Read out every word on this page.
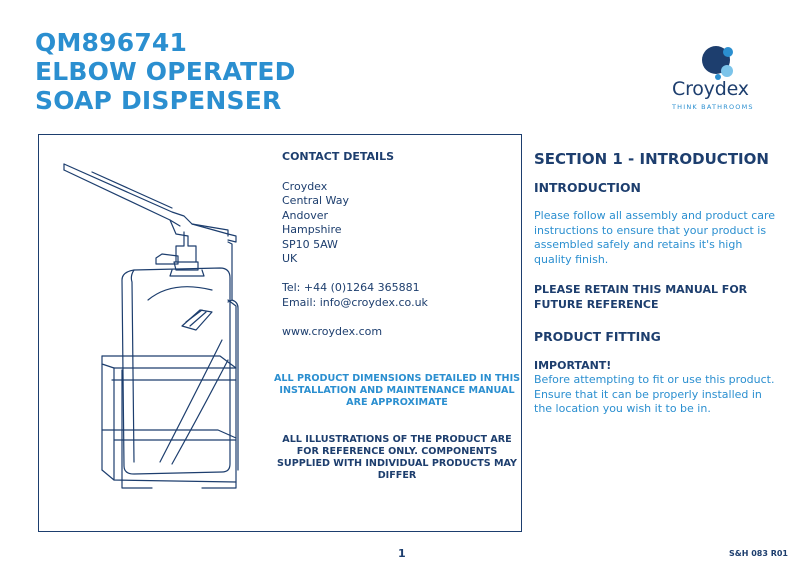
QM896741
ELBOW OPERATED
SOAP DISPENSER	Croydex
THINK BATHROOMS
CONTACT DETAILS
Croydex
Central Way
Andover
Hampshire
SP10 5AW
UK
Tel: +44 (0)1264 365881
Email: info@croydex.co.uk
www.croydex.com
ALL PRODUCT DIMENSIONS DETAILED IN THIS INSTALLATION AND MAINTENANCE MANUAL ARE APPROXIMATE
ALL ILLUSTRATIONS OF THE PRODUCT ARE FOR REFERENCE ONLY. COMPONENTS SUPPLIED WITH INDIVIDUAL PRODUCTS MAY DIFFER
SECTION 1 - INTRODUCTION
INTRODUCTION
Please follow all assembly and product care instructions to ensure that your product is assembled safely and retains it's high quality finish.
PLEASE RETAIN THIS MANUAL FOR FUTURE REFERENCE
PRODUCT FITTING
IMPORTANT!
Before attempting to fit or use this product. Ensure that it can be properly installed in the location you wish it to be in.
1	S&H 083 R01
